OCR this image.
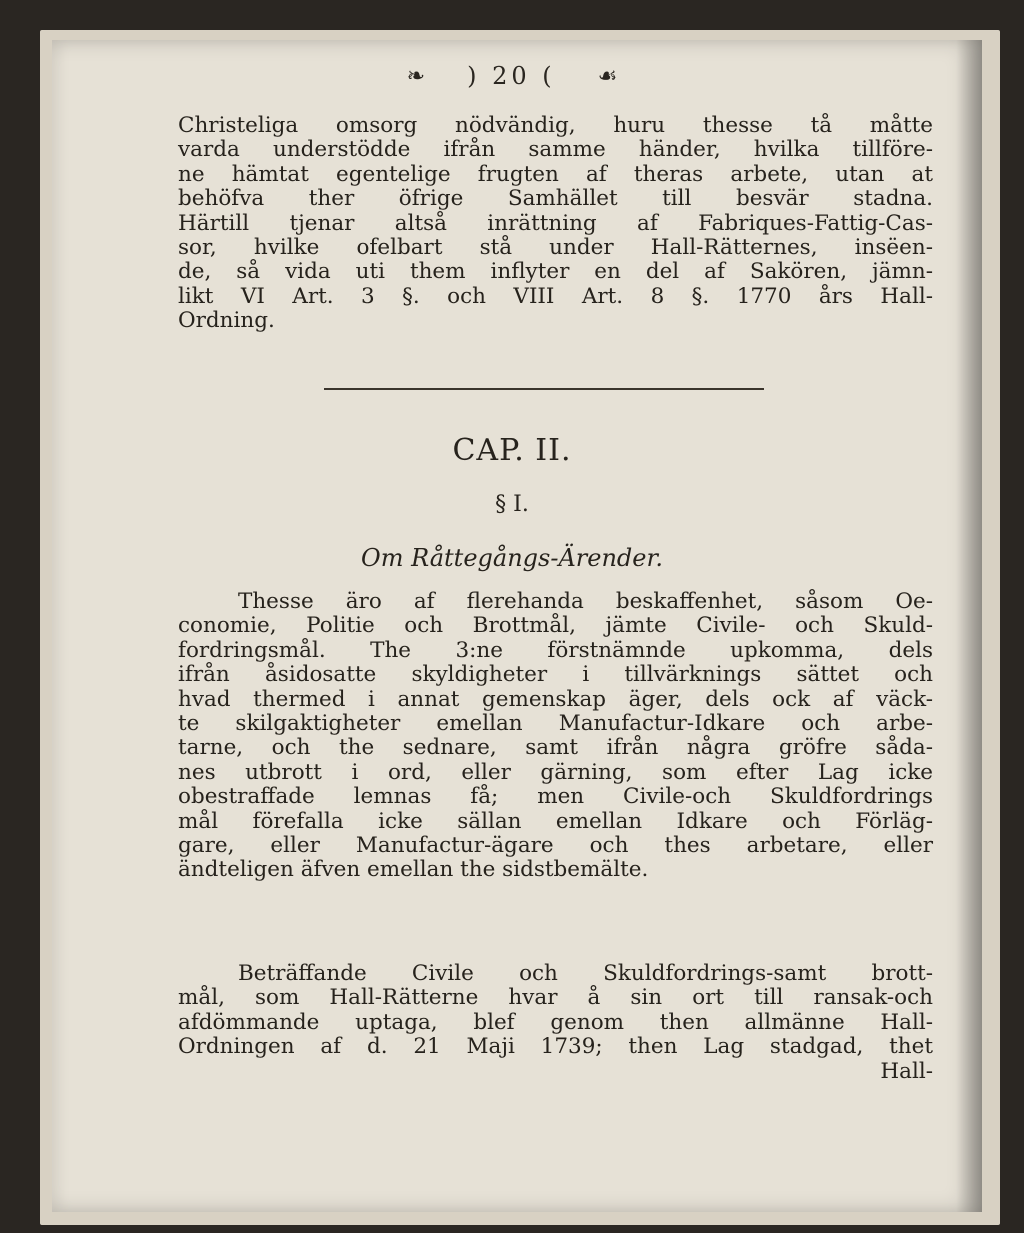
❧ ) 20 ( ☙
Christeliga omsorg nödvändig, huru thesse tå måtte
varda understödde ifrån samme händer, hvilka tillföre-
ne hämtat egentelige frugten af theras arbete, utan at
behöfva ther öfrige Samhället till besvär stadna.
Härtill tjenar altså inrättning af Fabriques-Fattig-Cas-
sor, hvilke ofelbart stå under Hall-Rätternes, insëen-
de, så vida uti them inflyter en del af Sakören, jämn-
likt VI Art. 3 §. och VIII Art. 8 §. 1770 års Hall-
Ordning.
CAP. II.
§ I.
Om Råttegångs-Ärender.
Thesse äro af flerehanda beskaffenhet, såsom Oe-
conomie, Politie och Brottmål, jämte Civile- och Skuld-
fordringsmål. The 3:ne förstnämnde upkomma, dels
ifrån åsidosatte skyldigheter i tillvärknings sättet och
hvad thermed i annat gemenskap äger, dels ock af väck-
te skilgaktigheter emellan Manufactur-Idkare och arbe-
tarne, och the sednare, samt ifrån några gröfre såda-
nes utbrott i ord, eller gärning, som efter Lag icke
obestraffade lemnas få; men Civile-och Skuldfordrings
mål förefalla icke sällan emellan Idkare och Förläg-
gare, eller Manufactur-ägare och thes arbetare, eller
ändteligen äfven emellan the sidstbemälte.
Beträffande Civile och Skuldfordrings-samt brott-
mål, som Hall-Rätterne hvar å sin ort till ransak-och
afdömmande uptaga, blef genom then allmänne Hall-
Ordningen af d. 21 Maji 1739; then Lag stadgad, thet
Hall-
